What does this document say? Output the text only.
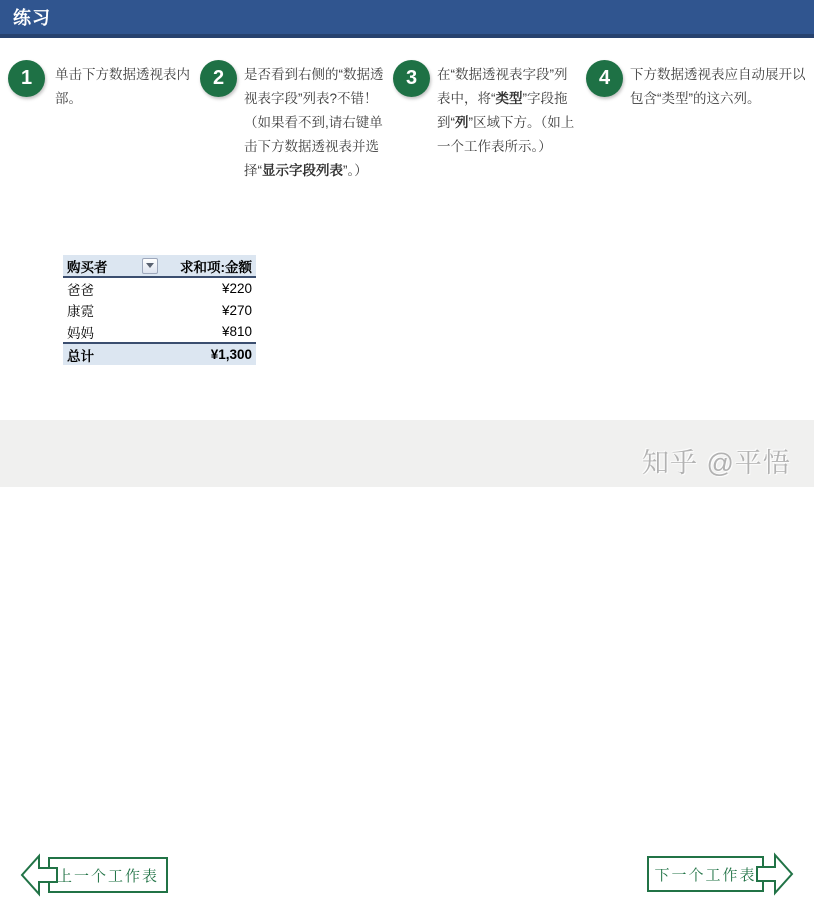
练习
1 单击下方数据透视表内部。

2 是否看到右侧的“数据透视表字段”列表?不错！（如果看不到,请右键单击下方数据透视表并选择“显示字段列表”。）

3 在“数据透视表字段”列表中，将“类型”字段拖到“列”区域下方。（如上一个工作表所示。）

4 下方数据透视表应自动展开以包含“类型”的这六列。

购买者	求和项:金额
爸爸	¥220
康霓	¥270
妈妈	¥810
总计	¥1,300
上一个工作表	下一个工作表
知乎 @平悟
